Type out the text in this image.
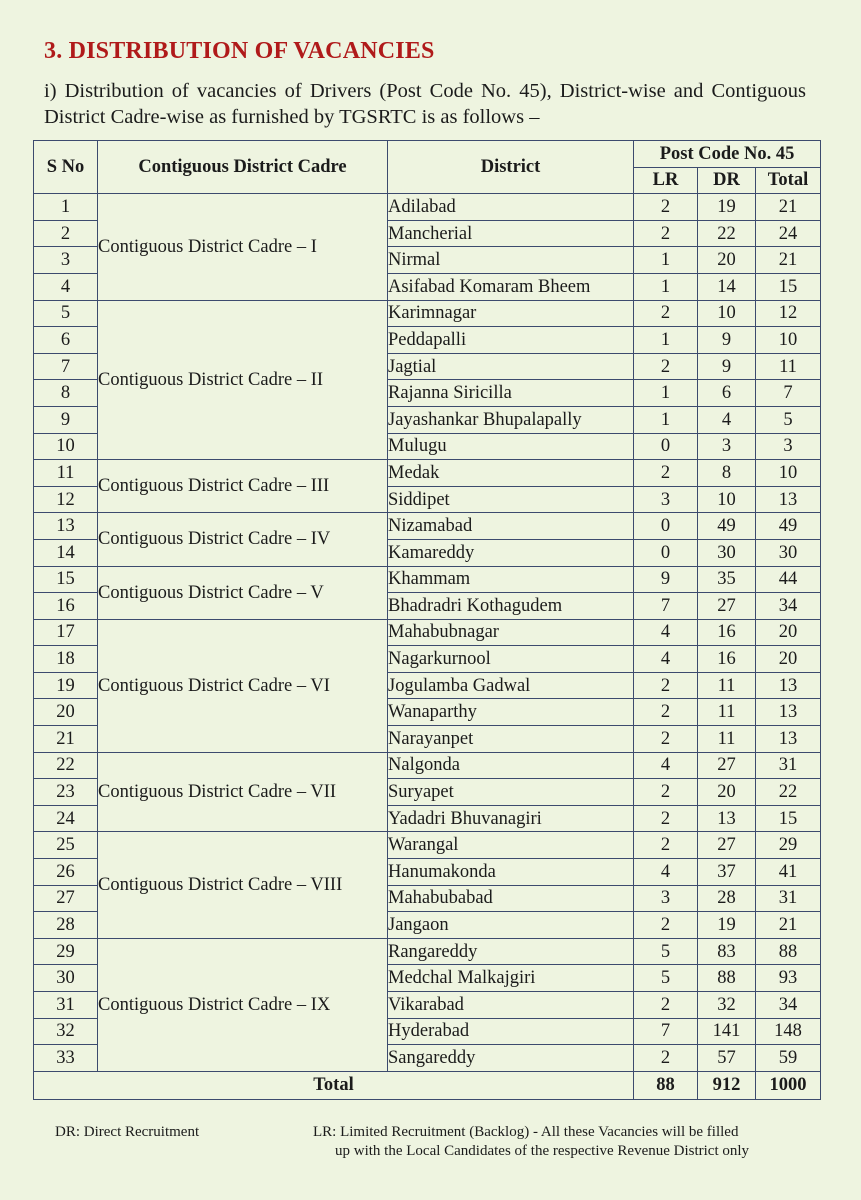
3. DISTRIBUTION OF VACANCIES
i) Distribution of vacancies of Drivers (Post Code No. 45), District-wise and Contiguous District Cadre-wise as furnished by TGSRTC is as follows –
S No	Contiguous District Cadre	District	Post Code No. 45		
			LR	DR	Total
1	Contiguous District Cadre – I	Adilabad	2	19	21
2		Mancherial	2	22	24
3		Nirmal	1	20	21
4		Asifabad Komaram Bheem	1	14	15
5	Contiguous District Cadre – II	Karimnagar	2	10	12
6		Peddapalli	1	9	10
7		Jagtial	2	9	11
8		Rajanna Siricilla	1	6	7
9		Jayashankar Bhupalapally	1	4	5
10		Mulugu	0	3	3
11	Contiguous District Cadre – III	Medak	2	8	10
12		Siddipet	3	10	13
13	Contiguous District Cadre – IV	Nizamabad	0	49	49
14		Kamareddy	0	30	30
15	Contiguous District Cadre – V	Khammam	9	35	44
16		Bhadradri Kothagudem	7	27	34
17	Contiguous District Cadre – VI	Mahabubnagar	4	16	20
18		Nagarkurnool	4	16	20
19		Jogulamba Gadwal	2	11	13
20		Wanaparthy	2	11	13
21		Narayanpet	2	11	13
22	Contiguous District Cadre – VII	Nalgonda	4	27	31
23		Suryapet	2	20	22
24		Yadadri Bhuvanagiri	2	13	15
25	Contiguous District Cadre – VIII	Warangal	2	27	29
26		Hanumakonda	4	37	41
27		Mahabubabad	3	28	31
28		Jangaon	2	19	21
29	Contiguous District Cadre – IX	Rangareddy	5	83	88
30		Medchal Malkajgiri	5	88	93
31		Vikarabad	2	32	34
32		Hyderabad	7	141	148
33		Sangareddy	2	57	59
Total			88	912	1000
DR: Direct Recruitment	LR: Limited Recruitment (Backlog) - All these Vacancies will be filled
up with the Local Candidates of the respective Revenue District only
